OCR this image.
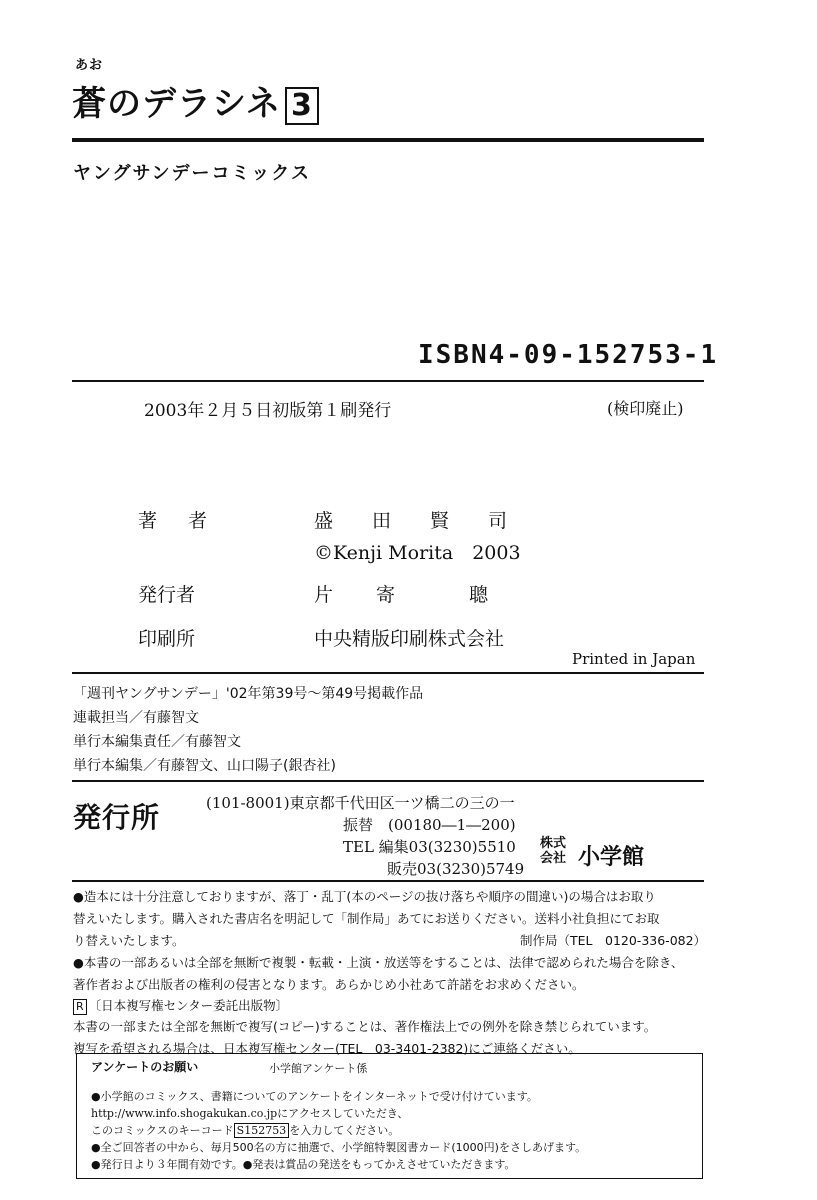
あお
蒼のデラシネ 3
ヤングサンデーコミックス
ISBN4-09-152753-1
2003年２月５日初版第１刷発行	(検印廃止)
著　者	盛　田　賢　司
©Kenji Morita　2003
発行者	片　寄　　聰
印刷所	中央精版印刷株式会社
Printed in Japan
「週刊ヤングサンデー」'02年第39号〜第49号掲載作品
連載担当／有藤智文
単行本編集責任／有藤智文
単行本編集／有藤智文、山口陽子(銀杏社)
発行所	(101-8001)東京都千代田区一ツ橋二の三の一
振替　(00180―1―200)
TEL 編集03(3230)5510
販売03(3230)5749
株式会社 小学館
●造本には十分注意しておりますが、落丁・乱丁(本のページの抜け落ちや順序の間違い)の場合はお取り
替えいたします。購入された書店名を明記して「制作局」あてにお送りください。送料小社負担にてお取
り替えいたします。	制作局（TEL　0120-336-082）
●本書の一部あるいは全部を無断で複製・転載・上演・放送等をすることは、法律で認められた場合を除き、
著作者および出版者の権利の侵害となります。あらかじめ小社あて許諾をお求めください。
R 〔日本複写権センター委託出版物〕
本書の一部または全部を無断で複写(コピー)することは、著作権法上での例外を除き禁じられています。
複写を希望される場合は、日本複写権センター(TEL　03-3401-2382)にご連絡ください。
アンケートのお願い	小学館アンケート係
●小学館のコミックス、書籍についてのアンケートをインターネットで受け付けています。
http://www.info.shogakukan.co.jpにアクセスしていただき、
このコミックスのキーコード S152753 を入力してください。
●全ご回答者の中から、毎月500名の方に抽選で、小学館特製図書カード(1000円)をさしあげます。
●発行日より３年間有効です。●発表は賞品の発送をもってかえさせていただきます。
